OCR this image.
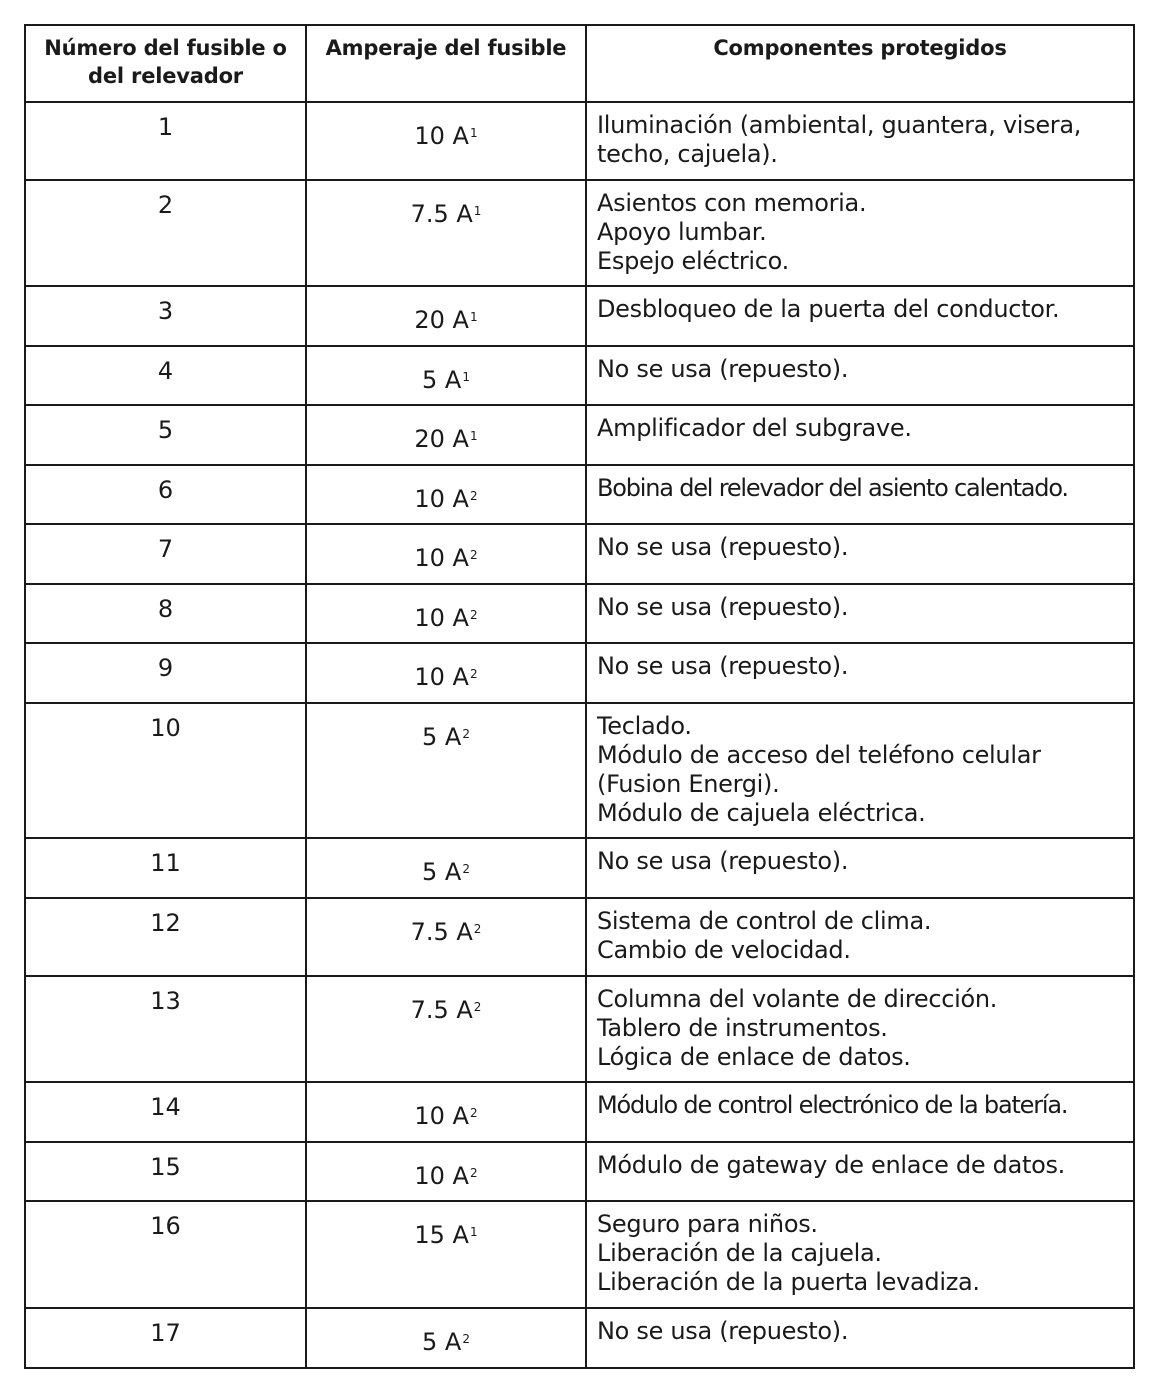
Número del fusible o del relevador	Amperaje del fusible	Componentes protegidos
1	10 $A^1$	Iluminación (ambiental, guantera, visera,
techo, cajuela).

2	7.5 $A^1$	Asientos con memoria.
Apoyo lumbar.
Espejo eléctrico.

3	20 $A^1$	Desbloqueo de la puerta del conductor.

4	5 $A^1$	No se usa (repuesto).

5	20 $A^1$	Amplificador del subgrave.

6	10 $A^2$	Bobina del relevador del asiento calentado.

7	10 $A^2$	No se usa (repuesto).

8	10 $A^2$	No se usa (repuesto).

9	10 $A^2$	No se usa (repuesto).

10	5 $A^2$	Teclado.
Módulo de acceso del teléfono celular
(Fusion Energi).
Módulo de cajuela eléctrica.

11	5 $A^2$	No se usa (repuesto).

12	7.5 $A^2$	Sistema de control de clima.
Cambio de velocidad.

13	7.5 $A^2$	Columna del volante de dirección.
Tablero de instrumentos.
Lógica de enlace de datos.

14	10 $A^2$	Módulo de control electrónico de la batería.

15	10 $A^2$	Módulo de gateway de enlace de datos.

16	15 $A^1$	Seguro para niños.
Liberación de la cajuela.
Liberación de la puerta levadiza.

17	5 $A^2$	No se usa (repuesto).
